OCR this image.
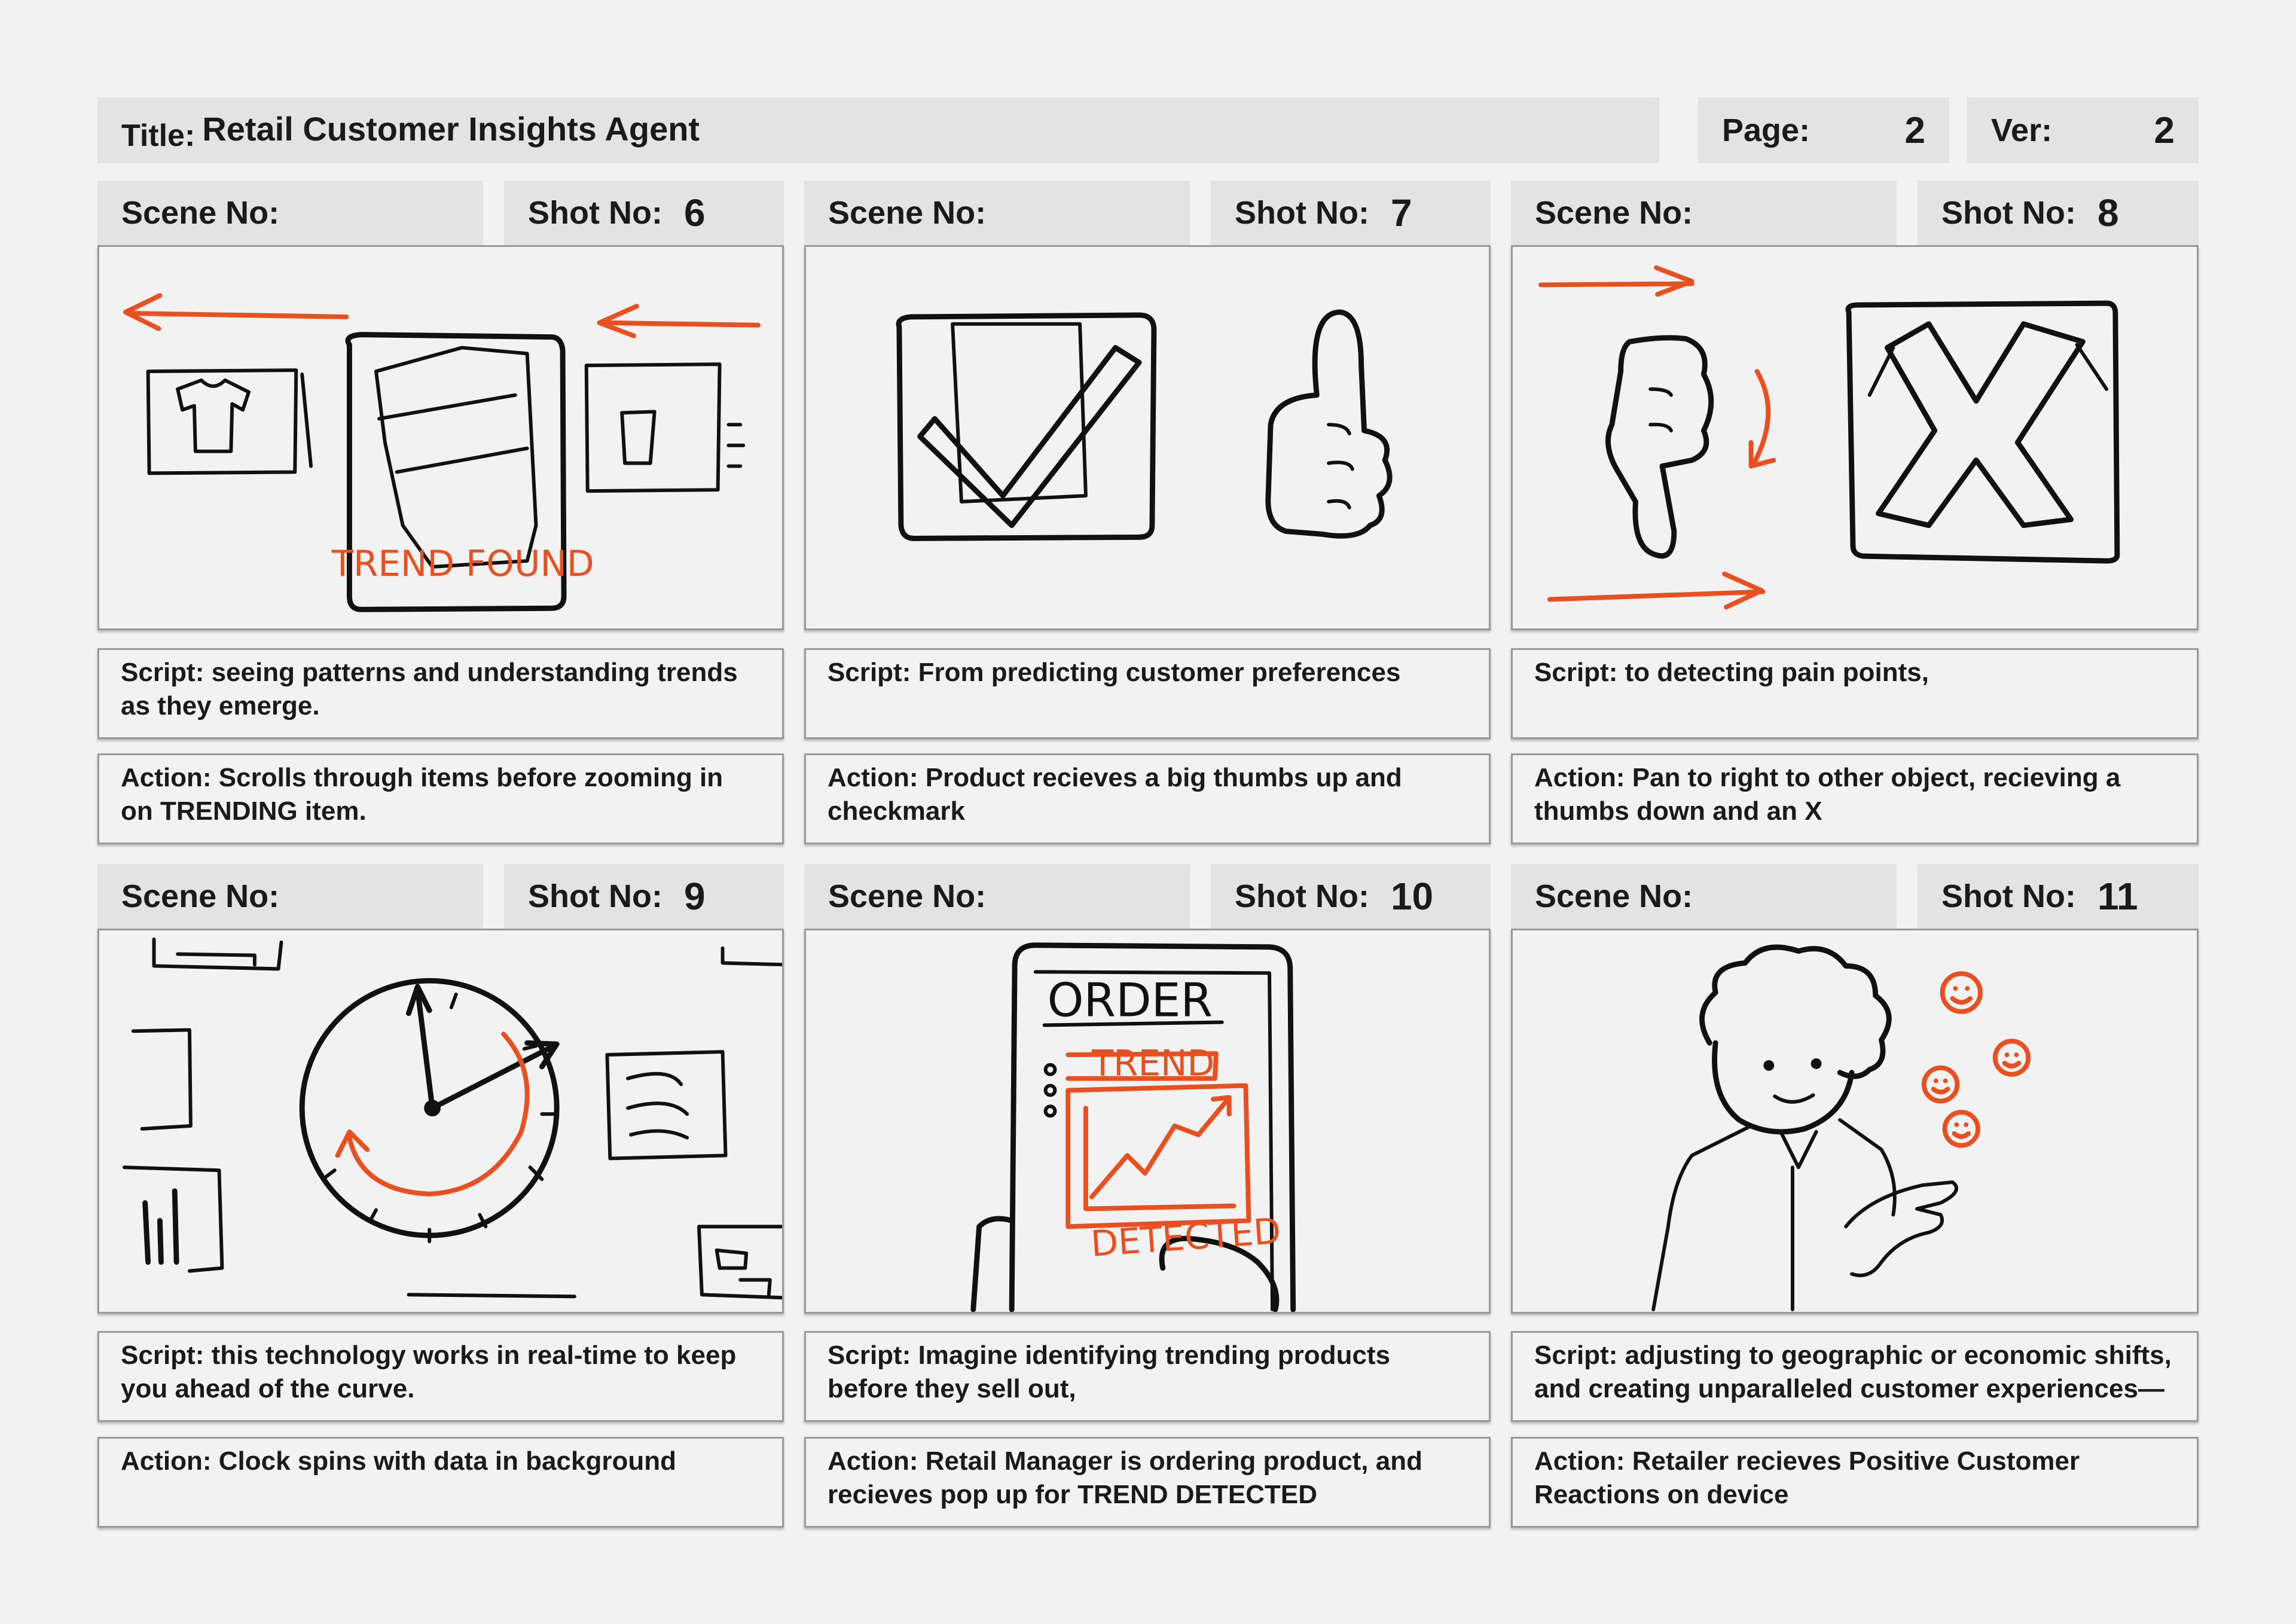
Title: Retail Customer Insights Agent	Page:	2 Ver:	2
Scene No:	Shot No: 6
TREND FOUND
Script: seeing patterns and understanding trends as they emerge.
Action: Scrolls through items before zooming in on TRENDING item.
Scene No:	Shot No: 7
Script: From predicting customer preferences
Action: Product recieves a big thumbs up and checkmark
Scene No:	Shot No: 8
Script: to detecting pain points,
Action: Pan to right to other object, recieving a thumbs down and an X
Scene No:	Shot No: 9
Script: this technology works in real-time to keep you ahead of the curve.
Action: Clock spins with data in background
Scene No:	Shot No: 10
ORDER
TREND
DETECTED
Script: Imagine identifying trending products before they sell out,
Action: Retail Manager is ordering product, and recieves pop up for TREND DETECTED
Scene No:	Shot No: 11
Script: adjusting to geographic or economic shifts, and creating unparalleled customer experiences—
Action: Retailer recieves Positive Customer Reactions on device
